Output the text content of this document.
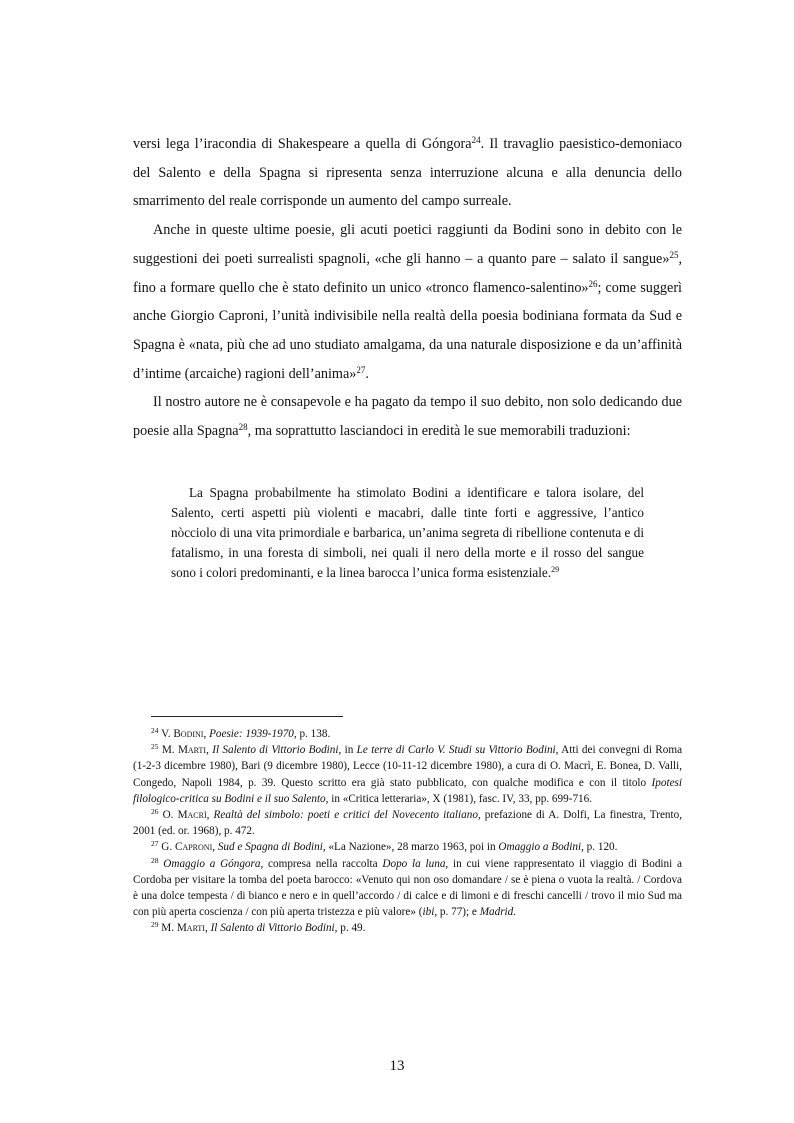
versi lega l’iracondia di Shakespeare a quella di Góngora$^{24}$. Il travaglio paesistico-demoniaco del Salento e della Spagna si ripresenta senza interruzione alcuna e alla denuncia dello smarrimento del reale corrisponde un aumento del campo surreale.

Anche in queste ultime poesie, gli acuti poetici raggiunti da Bodini sono in debito con le suggestioni dei poeti surrealisti spagnoli, «che gli hanno – a quanto pare – salato il sangue»$^{25}$, fino a formare quello che è stato definito un unico «tronco flamenco-salentino»$^{26}$; come suggerì anche Giorgio Caproni, l’unità indivisibile nella realtà della poesia bodiniana formata da Sud e Spagna è «nata, più che ad uno studiato amalgama, da una naturale disposizione e da un’affinità d’intime (arcaiche) ragioni dell’anima»$^{27}$.

Il nostro autore ne è consapevole e ha pagato da tempo il suo debito, non solo dedicando due poesie alla Spagna$^{28}$, ma soprattutto lasciandoci in eredità le sue memorabili traduzioni:

La Spagna probabilmente ha stimolato Bodini a identificare e talora isolare, del Salento, certi aspetti più violenti e macabri, dalle tinte forti e aggressive, l’antico nòcciolo di una vita primordiale e barbarica, un’anima segreta di ribellione contenuta e di fatalismo, in una foresta di simboli, nei quali il nero della morte e il rosso del sangue sono i colori predominanti, e la linea barocca l’unica forma esistenziale.$^{29}$

$^{24}$ V. Bodini, Poesie: 1939-1970, p. 138.

$^{25}$ M. Marti, Il Salento di Vittorio Bodini, in Le terre di Carlo V. Studi su Vittorio Bodini, Atti dei convegni di Roma (1-2-3 dicembre 1980), Bari (9 dicembre 1980), Lecce (10-11-12 dicembre 1980), a cura di O. Macrì, E. Bonea, D. Valli, Congedo, Napoli 1984, p. 39. Questo scritto era già stato pubblicato, con qualche modifica e con il titolo Ipotesi filologico-critica su Bodini e il suo Salento, in «Critica letteraria», X (1981), fasc. IV, 33, pp. 699-716.

$^{26}$ O. Macrì, Realtà del simbolo: poeti e critici del Novecento italiano, prefazione di A. Dolfi, La finestra, Trento, 2001 (ed. or. 1968), p. 472.

$^{27}$ G. Caproni, Sud e Spagna di Bodini, «La Nazione», 28 marzo 1963, poi in Omaggio a Bodini, p. 120.

$^{28}$ Omaggio a Góngora, compresa nella raccolta Dopo la luna, in cui viene rappresentato il viaggio di Bodini a Cordoba per visitare la tomba del poeta barocco: «Venuto qui non oso domandare / se è piena o vuota la realtà. / Cordova è una dolce tempesta / di bianco e nero e in quell’accordo / di calce e di limoni e di freschi cancelli / trovo il mio Sud ma con più aperta coscienza / con più aperta tristezza e più valore» (ibi, p. 77); e Madrid.

$^{29}$ M. Marti, Il Salento di Vittorio Bodini, p. 49.

13
